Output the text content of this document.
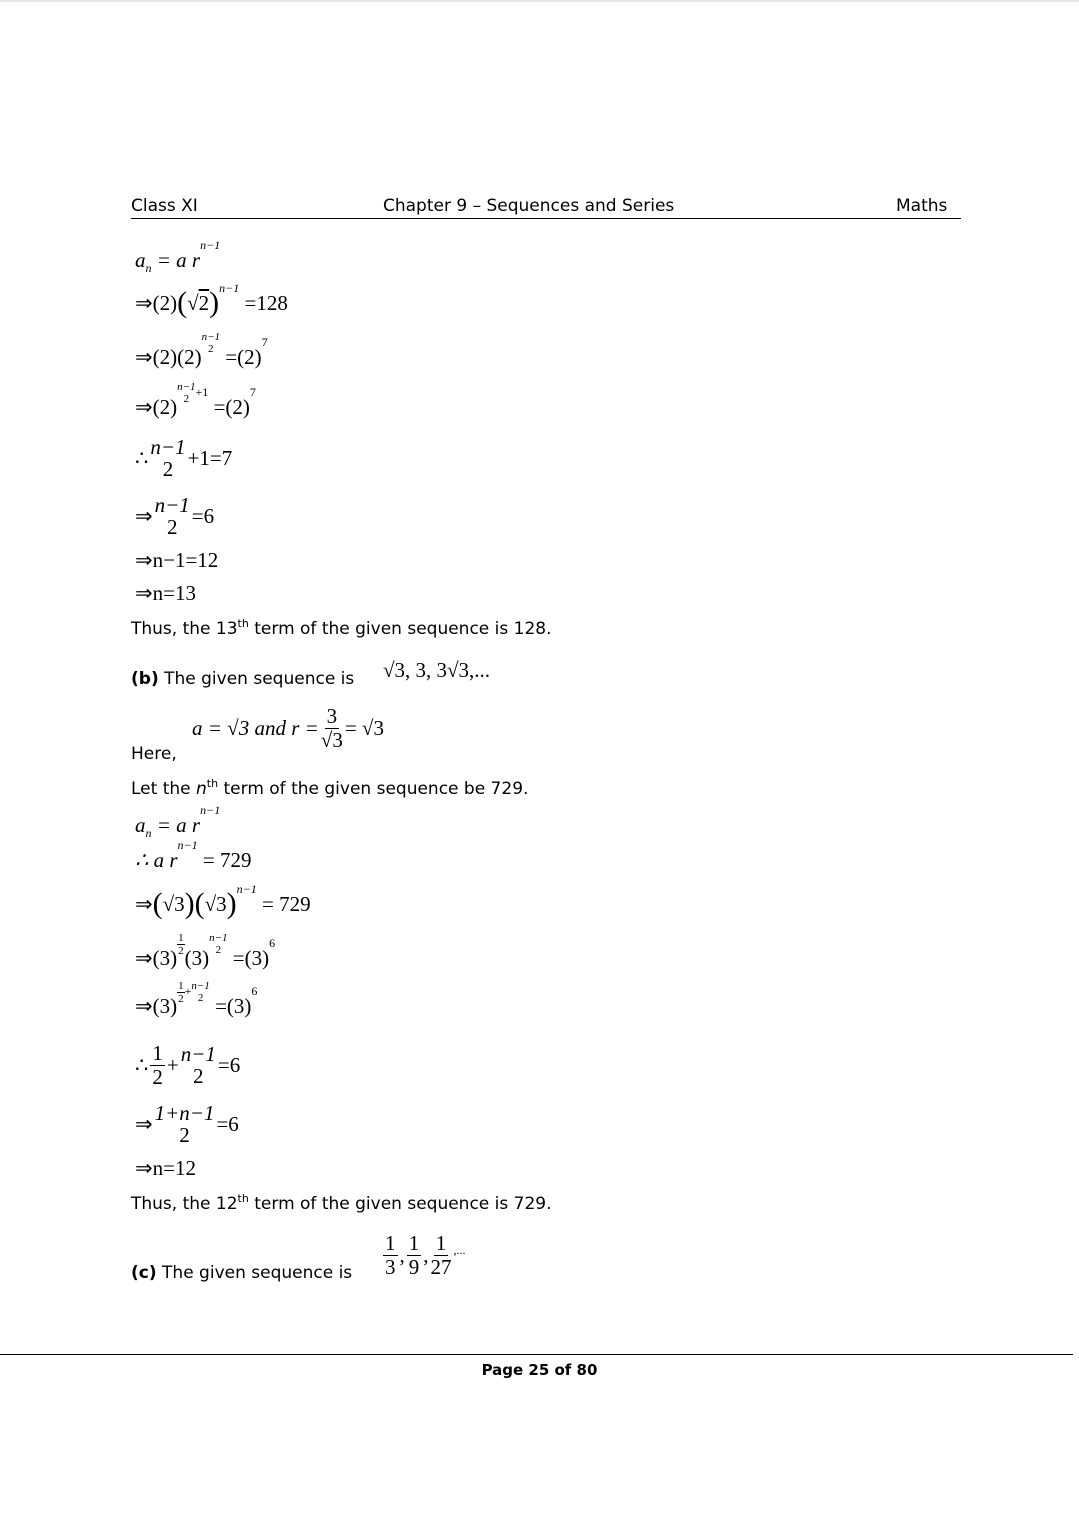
Class XI	Chapter 9 – Sequences and Series	Maths
a n
= a r
n−1
⇒(2) ( √ 2 ) n−1

=128
⇒(2)(2)
n−1
2
=(2)
7
⇒(2)
n−1
2
+1

=(2)
7
∴ n−1
2 +1=7
⇒ n−1
2 =6
⇒n−1=12
⇒n=13
Thus, the 13th term of the given sequence is 128.
(b) The given sequence is √3, 3, 3√3,...
a = √3 and $r = \frac{3}{√3} = √3$
Here,
Let the $n^{th}$ term of the given sequence be 729.
a n
= a r
n−1
∴ a r
n−1

= 729
⇒ ( √3 ) ( √3 ) n−1

= 729
⇒(3)
1
2 (3)
n−1
2
=(3)
6
⇒(3)
1
2
+ n−1
2
=(3)
6
∴ $\frac{1}{2} + n-1$
2 =6
⇒ 1+n−1
2 =6
⇒n=12
Thus, the 12th term of the given sequence is 729.
(c) The given sequence is $\frac{1}{3}$ , $\frac{1}{9}$ , $\frac{1}{27}$ ,...
Page 25 of 80
